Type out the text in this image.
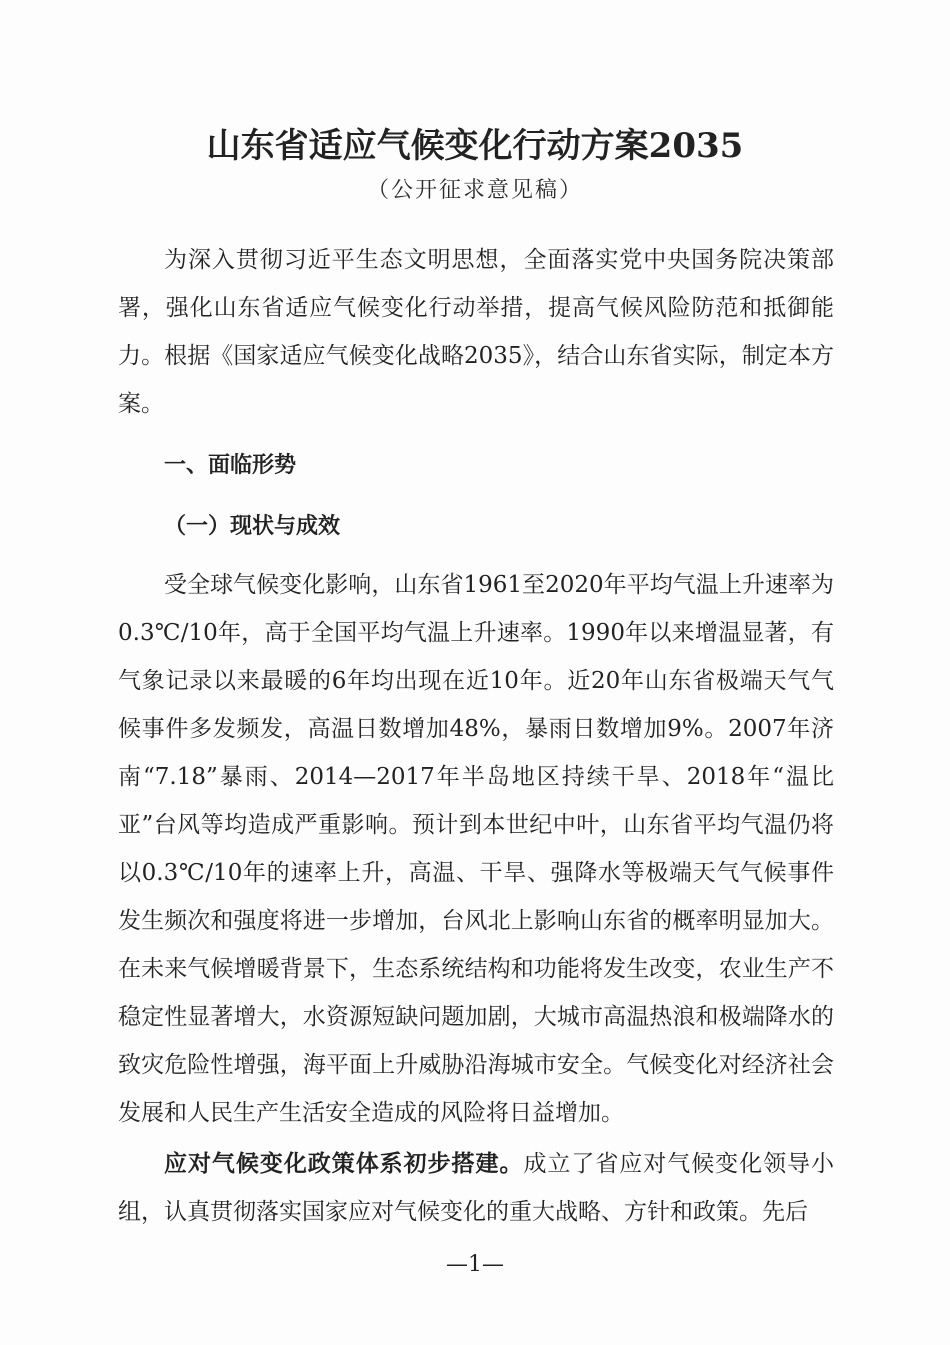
山东省适应气候变化行动方案2035
（公开征求意见稿）
为深入贯彻习近平生态文明思想，全面落实党中央国务院决策部署，强化山东省适应气候变化行动举措，提高气候风险防范和抵御能力。根据《国家适应气候变化战略2035》，结合山东省实际，制定本方案。
一、面临形势
（一）现状与成效
受全球气候变化影响，山东省1961至2020年平均气温上升速率为0.3℃/10年，高于全国平均气温上升速率。1990年以来增温显著，有气象记录以来最暖的6年均出现在近10年。近20年山东省极端天气气候事件多发频发，高温日数增加48%，暴雨日数增加9%。2007年济南“7.18”暴雨、2014—2017年半岛地区持续干旱、2018年“温比亚”台风等均造成严重影响。预计到本世纪中叶，山东省平均气温仍将以0.3℃/10年的速率上升，高温、干旱、强降水等极端天气气候事件发生频次和强度将进一步增加，台风北上影响山东省的概率明显加大。在未来气候增暖背景下，生态系统结构和功能将发生改变，农业生产不稳定性显著增大，水资源短缺问题加剧，大城市高温热浪和极端降水的致灾危险性增强，海平面上升威胁沿海城市安全。气候变化对经济社会发展和人民生产生活安全造成的风险将日益增加。
应对气候变化政策体系初步搭建。成立了省应对气候变化领导小组，认真贯彻落实国家应对气候变化的重大战略、方针和政策。先后
—1—
